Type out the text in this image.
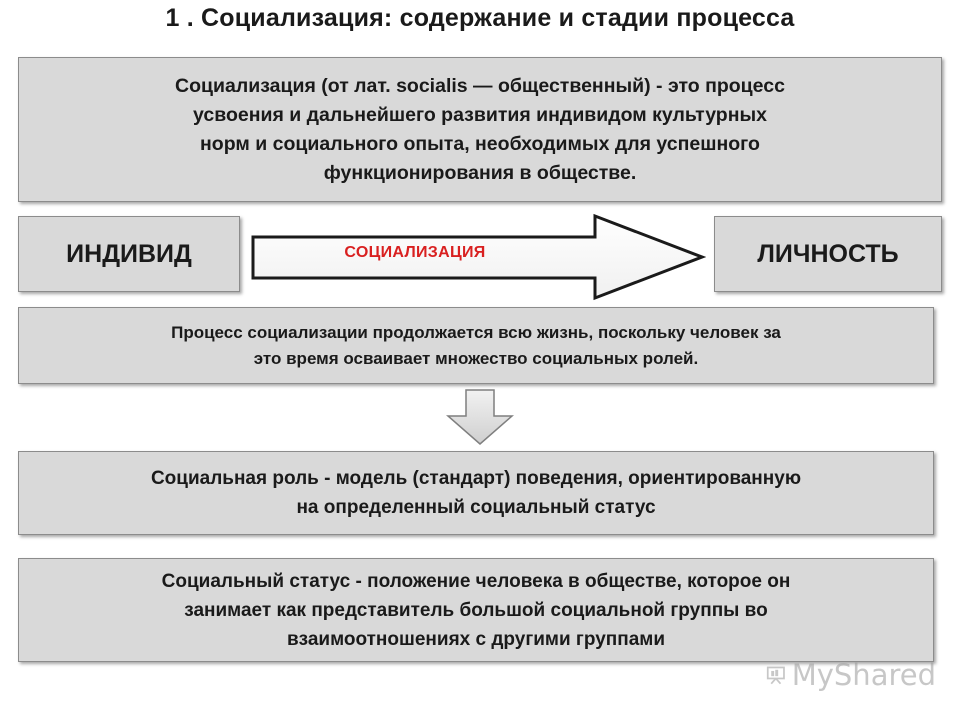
1 . Социализация: содержание и стадии процесса
Социализация (от лат. socialis — общественный) - это процесс
усвоения и дальнейшего развития индивидом культурных
норм и социального опыта, необходимых для успешного
функционирования в обществе.
ИНДИВИД	СОЦИАЛИЗАЦИЯ	ЛИЧНОСТЬ
Процесс социализации продолжается всю жизнь, поскольку человек за
это время осваивает множество социальных ролей.
Социальная роль - модель (стандарт) поведения, ориентированную
на определенный социальный статус
Социальный статус - положение человека в обществе, которое он
занимает как представитель большой социальной группы во
взаимоотношениях с другими группами
MyShared
